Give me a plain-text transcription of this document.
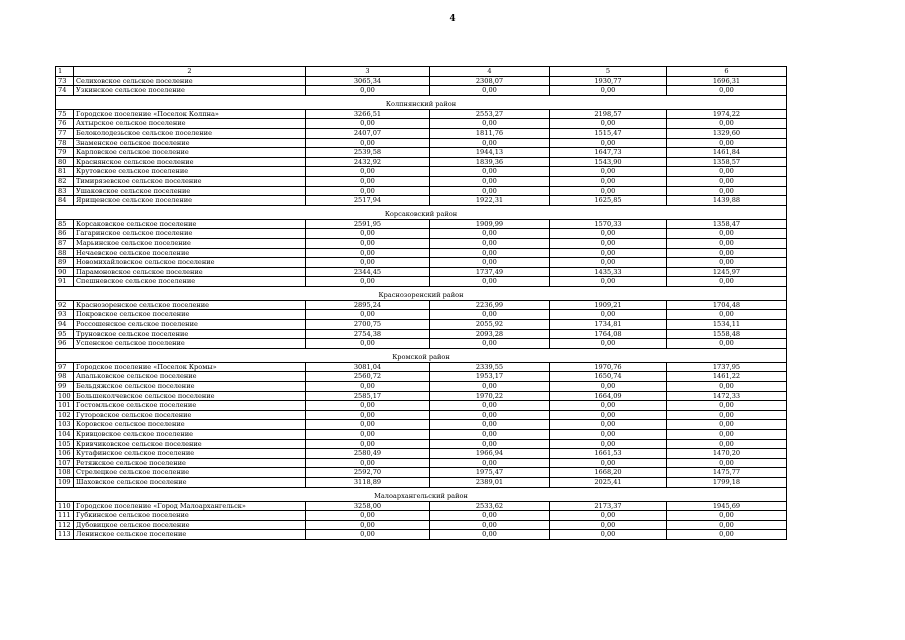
4
1	2	3	4	5	6
73	Селиховское сельское поселение	3065,34	2308,07	1930,77	1696,31
74	Узкинское сельское поселение	0,00	0,00	0,00	0,00
Колпнянский район					
75	Городское поселение «Поселок Колпна»	3266,51	2553,27	2198,57	1974,22
76	Ахтырское сельское поселение	0,00	0,00	0,00	0,00
77	Белоколодезьское сельское поселение	2407,07	1811,76	1515,47	1329,60
78	Знаменское сельское поселение	0,00	0,00	0,00	0,00
79	Карловское сельское поселение	2539,58	1944,13	1647,73	1461,84
80	Краснянское сельское поселение	2432,92	1839,36	1543,90	1358,57
81	Крутовское сельское поселение	0,00	0,00	0,00	0,00
82	Тимирязевское сельское поселение	0,00	0,00	0,00	0,00
83	Ушаковское сельское поселение	0,00	0,00	0,00	0,00
84	Ярищенское сельское поселение	2517,94	1922,31	1625,85	1439,88
Корсаковский район					
85	Корсаковское сельское поселение	2591,95	1909,99	1570,33	1358,47
86	Гагаринское сельское поселение	0,00	0,00	0,00	0,00
87	Марьинское сельское поселение	0,00	0,00	0,00	0,00
88	Нечаевское сельское поселение	0,00	0,00	0,00	0,00
89	Новомихайловское сельское поселение	0,00	0,00	0,00	0,00
90	Парамоновское сельское поселение	2344,45	1737,49	1435,33	1245,97
91	Спешневское сельское поселение	0,00	0,00	0,00	0,00
Краснозоренский район					
92	Краснозоренское сельское поселение	2895,24	2236,99	1909,21	1704,48
93	Покровское сельское поселение	0,00	0,00	0,00	0,00
94	Россошенское сельское поселение	2700,75	2055,92	1734,81	1534,11
95	Труновское сельское поселение	2754,38	2093,28	1764,08	1558,48
96	Успенское сельское поселение	0,00	0,00	0,00	0,00
Кромской район					
97	Городское поселение «Поселок Кромы»	3081,04	2339,55	1970,76	1737,95
98	Апальковское сельское поселение	2560,72	1953,17	1650,74	1461,22
99	Бельдяжское сельское поселение	0,00	0,00	0,00	0,00
100	Большеколчевское сельское поселение	2585,17	1970,22	1664,09	1472,33
101	Гостомльское сельское поселение	0,00	0,00	0,00	0,00
102	Гуторовское сельское поселение	0,00	0,00	0,00	0,00
103	Коровское сельское поселение	0,00	0,00	0,00	0,00
104	Кривцовское сельское поселение	0,00	0,00	0,00	0,00
105	Кривчиковское сельское поселение	0,00	0,00	0,00	0,00
106	Кутафинское сельское поселение	2580,49	1966,94	1661,53	1470,20
107	Ретяжское сельское поселение	0,00	0,00	0,00	0,00
108	Стрелецкое сельское поселение	2592,70	1975,47	1668,20	1475,77
109	Шаховское сельское поселение	3118,89	2389,01	2025,41	1799,18
Малоархангельский район					
110	Городское поселение «Город Малоархангельск»	3258,00	2533,62	2173,37	1945,69
111	Губкинское сельское поселение	0,00	0,00	0,00	0,00
112	Дубовицкое сельское поселение	0,00	0,00	0,00	0,00
113	Ленинское сельское поселение	0,00	0,00	0,00	0,00
